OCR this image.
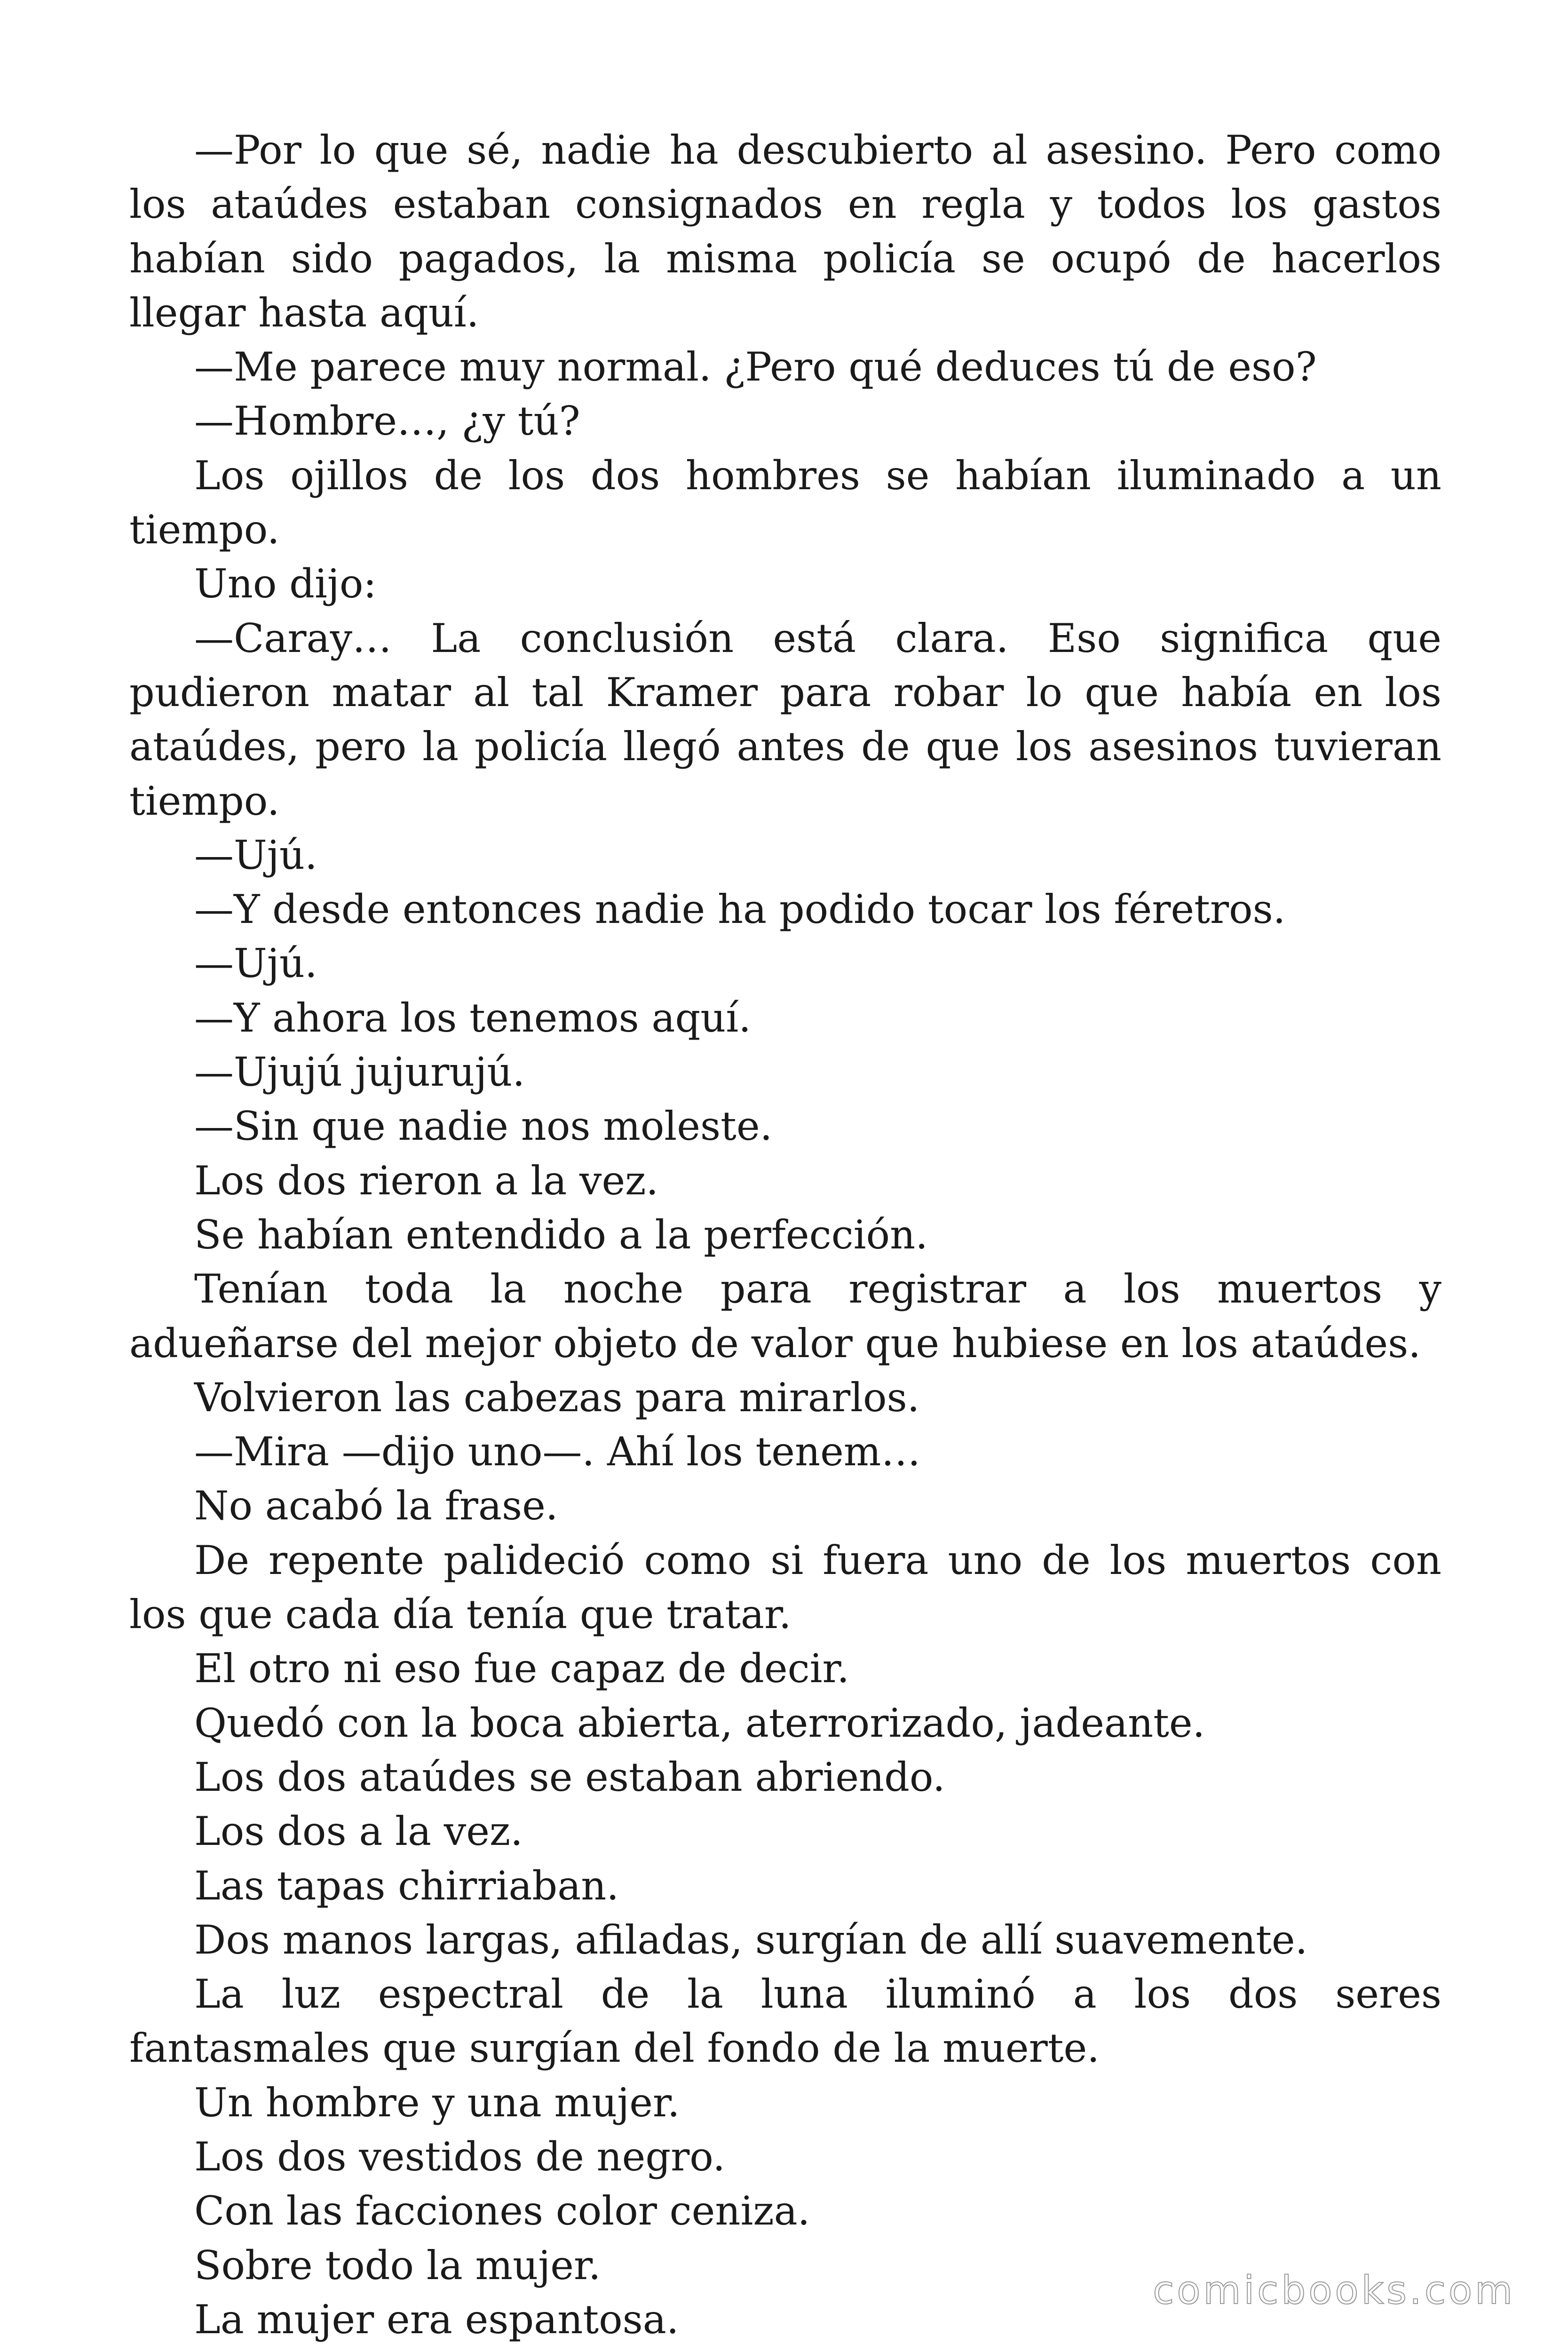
—Por lo que sé, nadie ha descubierto al asesino. Pero como los ataúdes estaban consignados en regla y todos los gastos habían sido pagados, la misma policía se ocupó de hacerlos llegar hasta aquí.

—Me parece muy normal. ¿Pero qué deduces tú de eso?

—Hombre…, ¿y tú?

Los ojillos de los dos hombres se habían iluminado a un tiempo.

Uno dijo:

—Caray… La conclusión está clara. Eso significa que pudieron matar al tal Kramer para robar lo que había en los ataúdes, pero la policía llegó antes de que los asesinos tuvieran tiempo.

—Ujú.

—Y desde entonces nadie ha podido tocar los féretros.

—Ujú.

—Y ahora los tenemos aquí.

—Ujujú jujurujú.

—Sin que nadie nos moleste.

Los dos rieron a la vez.

Se habían entendido a la perfección.

Tenían toda la noche para registrar a los muertos y adueñarse del mejor objeto de valor que hubiese en los ataúdes.

Volvieron las cabezas para mirarlos.

—Mira —dijo uno—. Ahí los tenem…

No acabó la frase.

De repente palideció como si fuera uno de los muertos con los que cada día tenía que tratar.

El otro ni eso fue capaz de decir.

Quedó con la boca abierta, aterrorizado, jadeante.

Los dos ataúdes se estaban abriendo.

Los dos a la vez.

Las tapas chirriaban.

Dos manos largas, afiladas, surgían de allí suavemente.

La luz espectral de la luna iluminó a los dos seres fantasmales que surgían del fondo de la muerte.

Un hombre y una mujer.

Los dos vestidos de negro.

Con las facciones color ceniza.

Sobre todo la mujer.

La mujer era espantosa.

comicbooks.com
